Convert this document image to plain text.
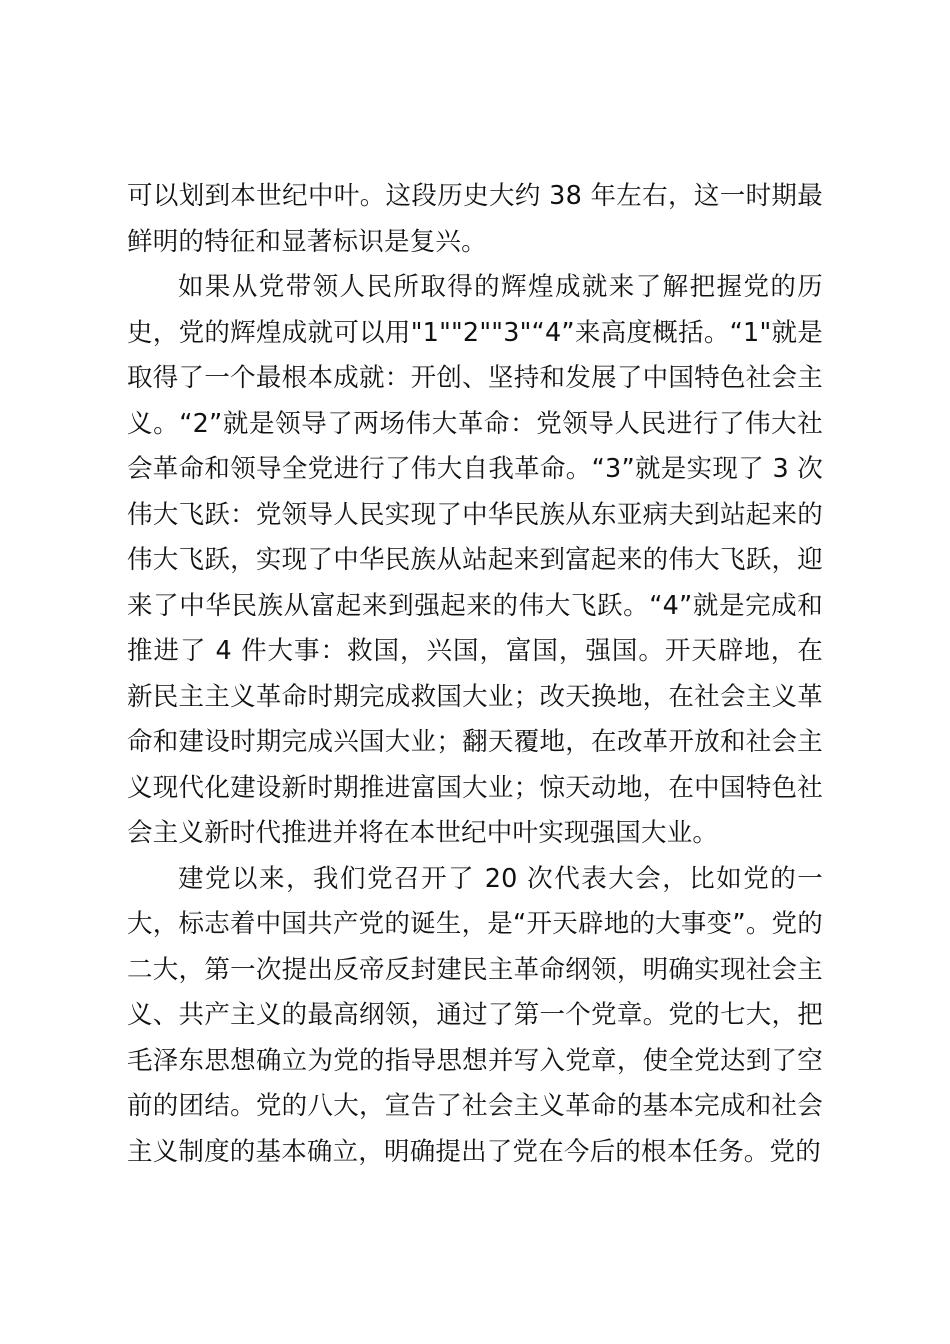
可以划到本世纪中叶。这段历史大约 38 年左右，这一时期最鲜明的特征和显著标识是复兴。

如果从党带领人民所取得的辉煌成就来了解把握党的历史，党的辉煌成就可以用"1""2""3"“4”来高度概括。“1"就是取得了一个最根本成就：开创、坚持和发展了中国特色社会主义。“2”就是领导了两场伟大革命：党领导人民进行了伟大社会革命和领导全党进行了伟大自我革命。“3”就是实现了 3 次伟大飞跃：党领导人民实现了中华民族从东亚病夫到站起来的伟大飞跃，实现了中华民族从站起来到富起来的伟大飞跃，迎来了中华民族从富起来到强起来的伟大飞跃。“4”就是完成和推进了 4 件大事：救国，兴国，富国，强国。开天辟地，在新民主主义革命时期完成救国大业；改天换地，在社会主义革命和建设时期完成兴国大业；翻天覆地，在改革开放和社会主义现代化建设新时期推进富国大业；惊天动地，在中国特色社会主义新时代推进并将在本世纪中叶实现强国大业。

建党以来，我们党召开了 20 次代表大会，比如党的一大，标志着中国共产党的诞生，是“开天辟地的大事变”。党的二大，第一次提出反帝反封建民主革命纲领，明确实现社会主义、共产主义的最高纲领，通过了第一个党章。党的七大，把毛泽东思想确立为党的指导思想并写入党章，使全党达到了空前的团结。党的八大，宣告了社会主义革命的基本完成和社会主义制度的基本确立，明确提出了党在今后的根本任务。党的
